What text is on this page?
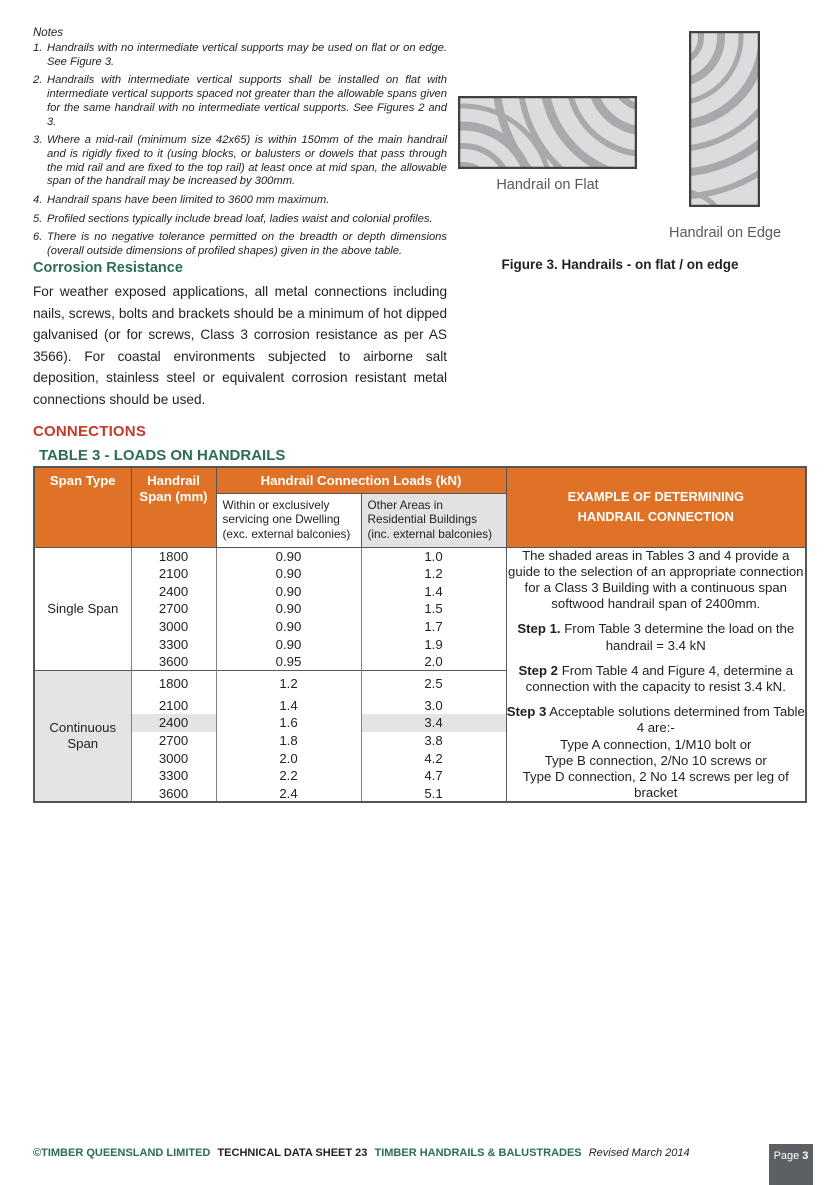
Notes

Handrails with no intermediate vertical supports may be used on flat or on edge. See Figure 3.
Handrails with intermediate vertical supports shall be installed on flat with intermediate vertical supports spaced not greater than the allowable spans given for the same handrail with no intermediate vertical supports. See Figures 2 and 3.
Where a mid-rail (minimum size 42x65) is within 150mm of the main handrail and is rigidly fixed to it (using blocks, or balusters or dowels that pass through the mid rail and are fixed to the top rail) at least once at mid span, the allowable span of the handrail may be increased by 300mm.
Handrail spans have been limited to 3600 mm maximum.
Profiled sections typically include bread loaf, ladies waist and colonial profiles.
There is no negative tolerance permitted on the breadth or depth dimensions (overall outside dimensions of profiled shapes) given in the above table.
Corrosion Resistance

For weather exposed applications, all metal connections including nails, screws, bolts and brackets should be a minimum of hot dipped galvanised (or for screws, Class 3 corrosion resistance as per AS 3566). For coastal environments subjected to airborne salt deposition, stainless steel or equivalent corrosion resistant metal connections should be used.

Handrail on Flat
Handrail on Edge
Figure 3. Handrails - on flat / on edge
CONNECTIONS
TABLE 3 - LOADS ON HANDRAILS
Span Type	Handrail Span (mm)	Handrail Connection Loads (kN)		EXAMPLE OF DETERMINING
HANDRAIL CONNECTION

		Within or exclusively servicing one Dwelling (exc. external balconies)	Other Areas in Residential Buildings (inc. external balconies)	
Single Span	1800	0.90	1.0	The shaded areas in Tables 3 and 4 provide a guide to the selection of an appropriate connection for a Class 3 Building with a continuous span softwood handrail span of 2400mm.

Step 1. From Table 3 determine the load on the handrail = 3.4 kN

Step 2 From Table 4 and Figure 4, determine a connection with the capacity to resist 3.4 kN.

Step 3 Acceptable solutions determined from Table 4 are:-

Type A connection, 1/M10 bolt or

Type B connection, 2/No 10 screws or

Type D connection, 2 No 14 screws per leg of bracket

	2100	0.90	1.2	
	2400	0.90	1.4	
	2700	0.90	1.5	
	3000	0.90	1.7	
	3300	0.90	1.9	
	3600	0.95	2.0	
Continuous Span	1800	1.2	2.5	
	2100	1.4	3.0	
	2400	1.6	3.4	
	2700	1.8	3.8	
	3000	2.0	4.2	
	3300	2.2	4.7	
	3600	2.4	5.1	
©TIMBER QUEENSLAND LIMITED TECHNICAL DATA SHEET 23 TIMBER HANDRAILS & BALUSTRADES Revised March 2014	Page 3
